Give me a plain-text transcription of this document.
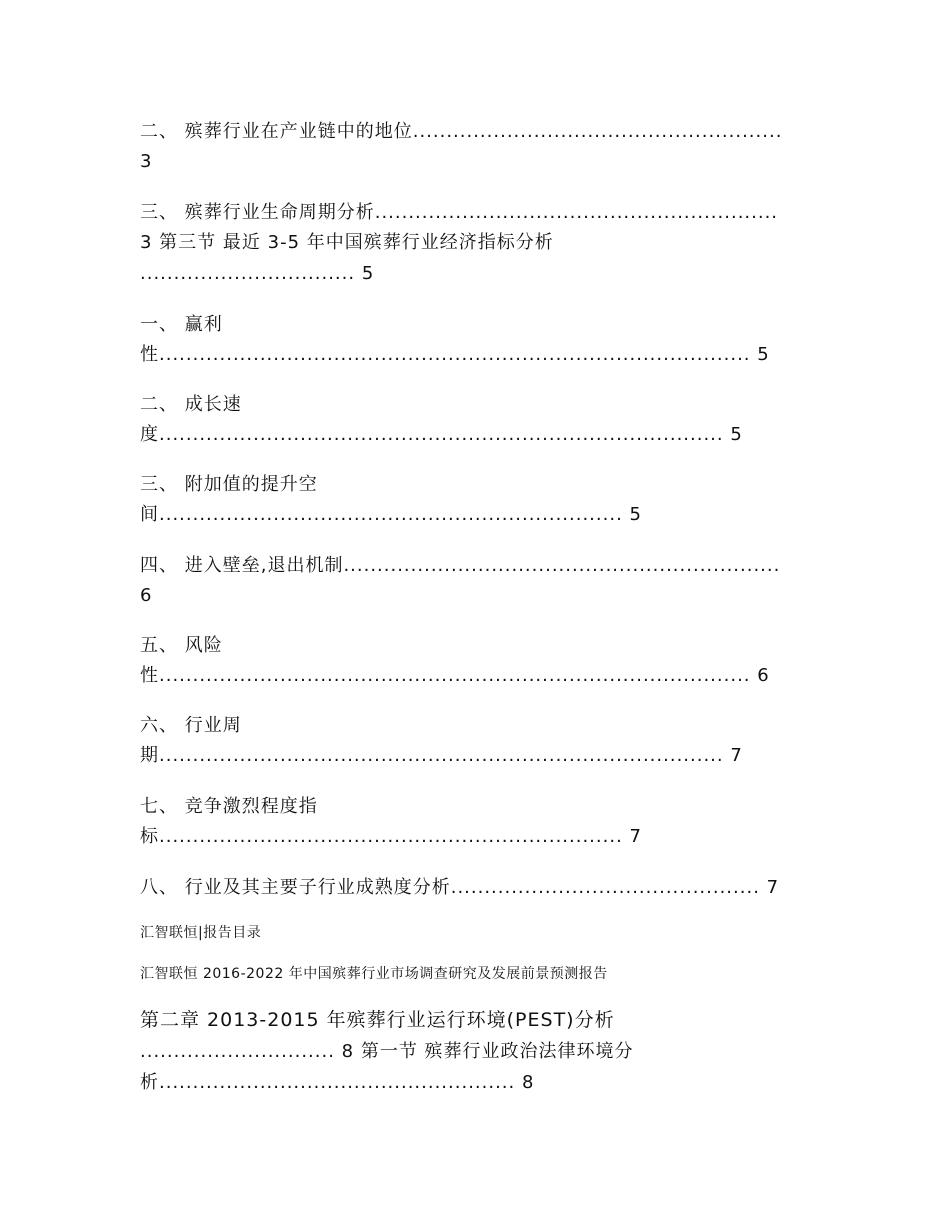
二、 殡葬行业在产业链中的地位.......................................................
3
三、 殡葬行业生命周期分析............................................................
3 第三节 最近 3-5 年中国殡葬行业经济指标分析
................................ 5
一、 赢利
性........................................................................................ 5
二、 成长速
度.................................................................................... 5
三、 附加值的提升空
间..................................................................... 5
四、 进入壁垒,退出机制.................................................................
6
五、 风险
性........................................................................................ 6
六、 行业周
期.................................................................................... 7
七、 竞争激烈程度指
标..................................................................... 7
八、 行业及其主要子行业成熟度分析.............................................. 7
汇智联恒|报告目录
汇智联恒 2016-2022 年中国殡葬行业市场调查研究及发展前景预测报告
第二章 2013-2015 年殡葬行业运行环境(PEST)分析
............................. 8 第一节 殡葬行业政治法律环境分
析..................................................... 8
